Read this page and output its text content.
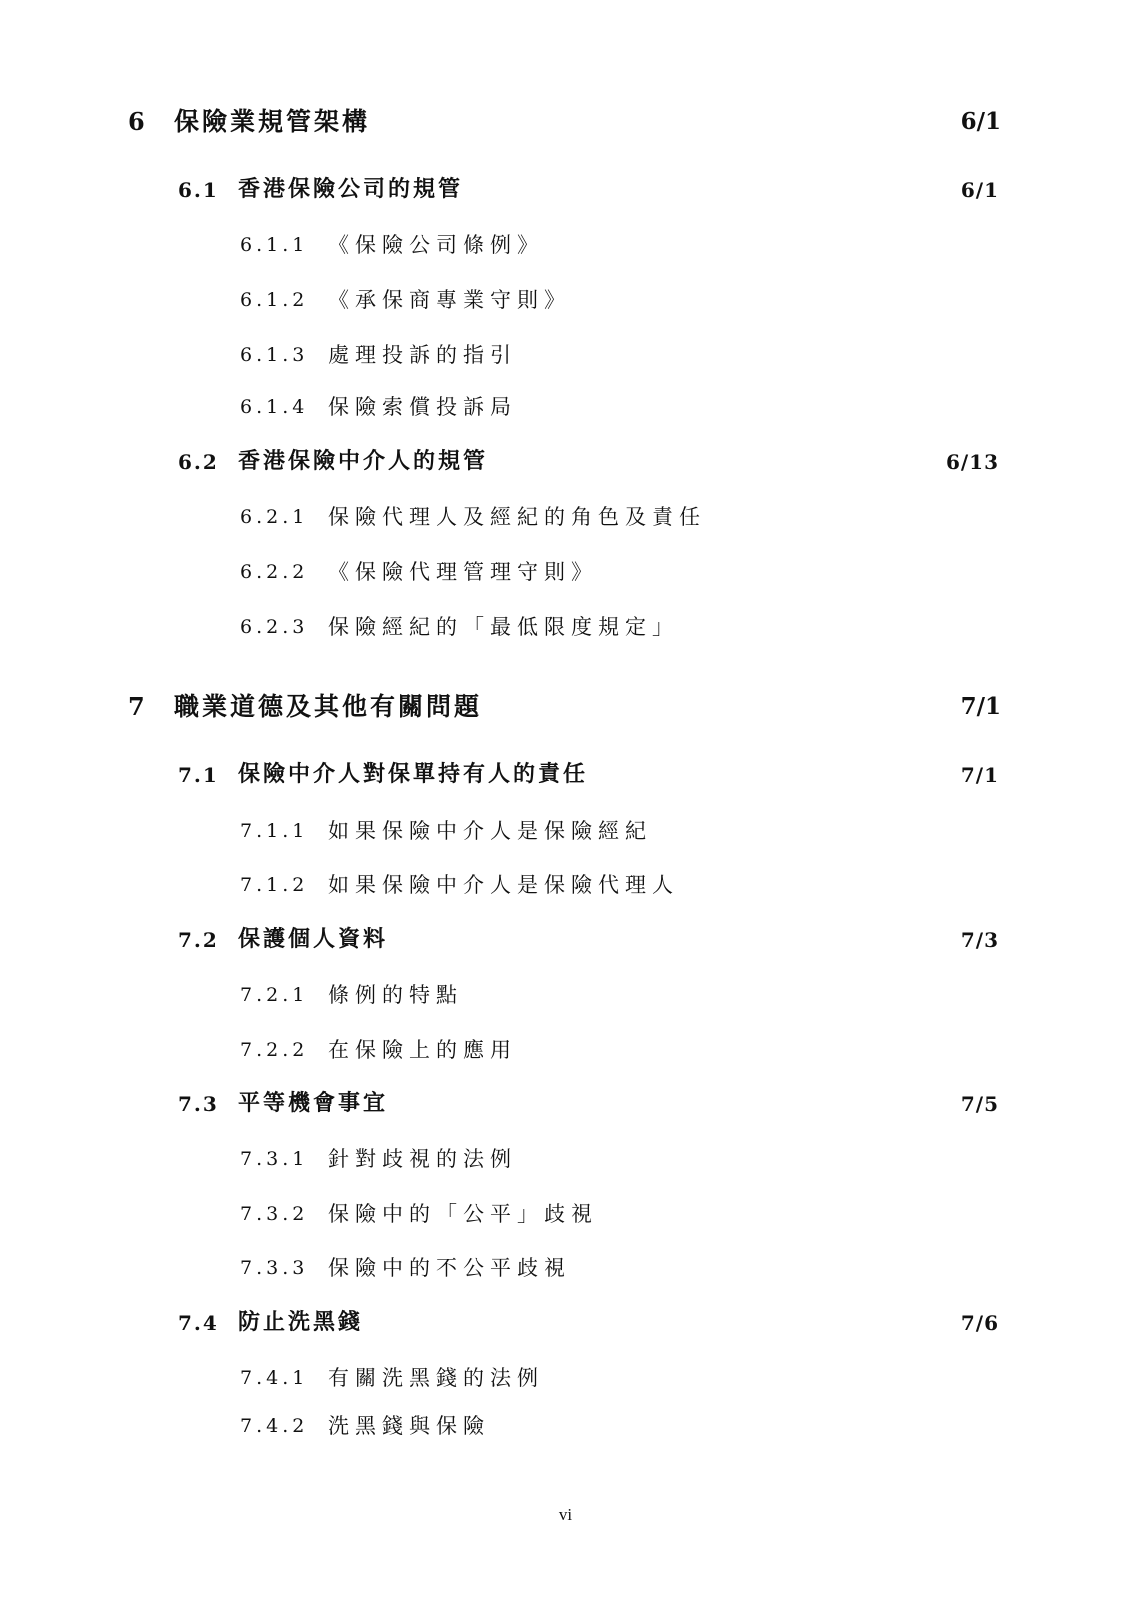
6 保險業規管架構	6/1
6.1 香港保險公司的規管	6/1
6.1.1 《保險公司條例》
6.1.2 《承保商專業守則》
6.1.3 處理投訴的指引
6.1.4 保險索償投訴局
6.2 香港保險中介人的規管	6/13
6.2.1 保險代理人及經紀的角色及責任
6.2.2 《保險代理管理守則》
6.2.3 保險經紀的「最低限度規定」
7 職業道德及其他有關問題	7/1
7.1 保險中介人對保單持有人的責任	7/1
7.1.1 如果保險中介人是保險經紀
7.1.2 如果保險中介人是保險代理人
7.2 保護個人資料	7/3
7.2.1 條例的特點
7.2.2 在保險上的應用
7.3 平等機會事宜	7/5
7.3.1 針對歧視的法例
7.3.2 保險中的「公平」歧視
7.3.3 保險中的不公平歧視
7.4 防止洗黑錢	7/6
7.4.1 有關洗黑錢的法例
7.4.2 洗黑錢與保險
vi
